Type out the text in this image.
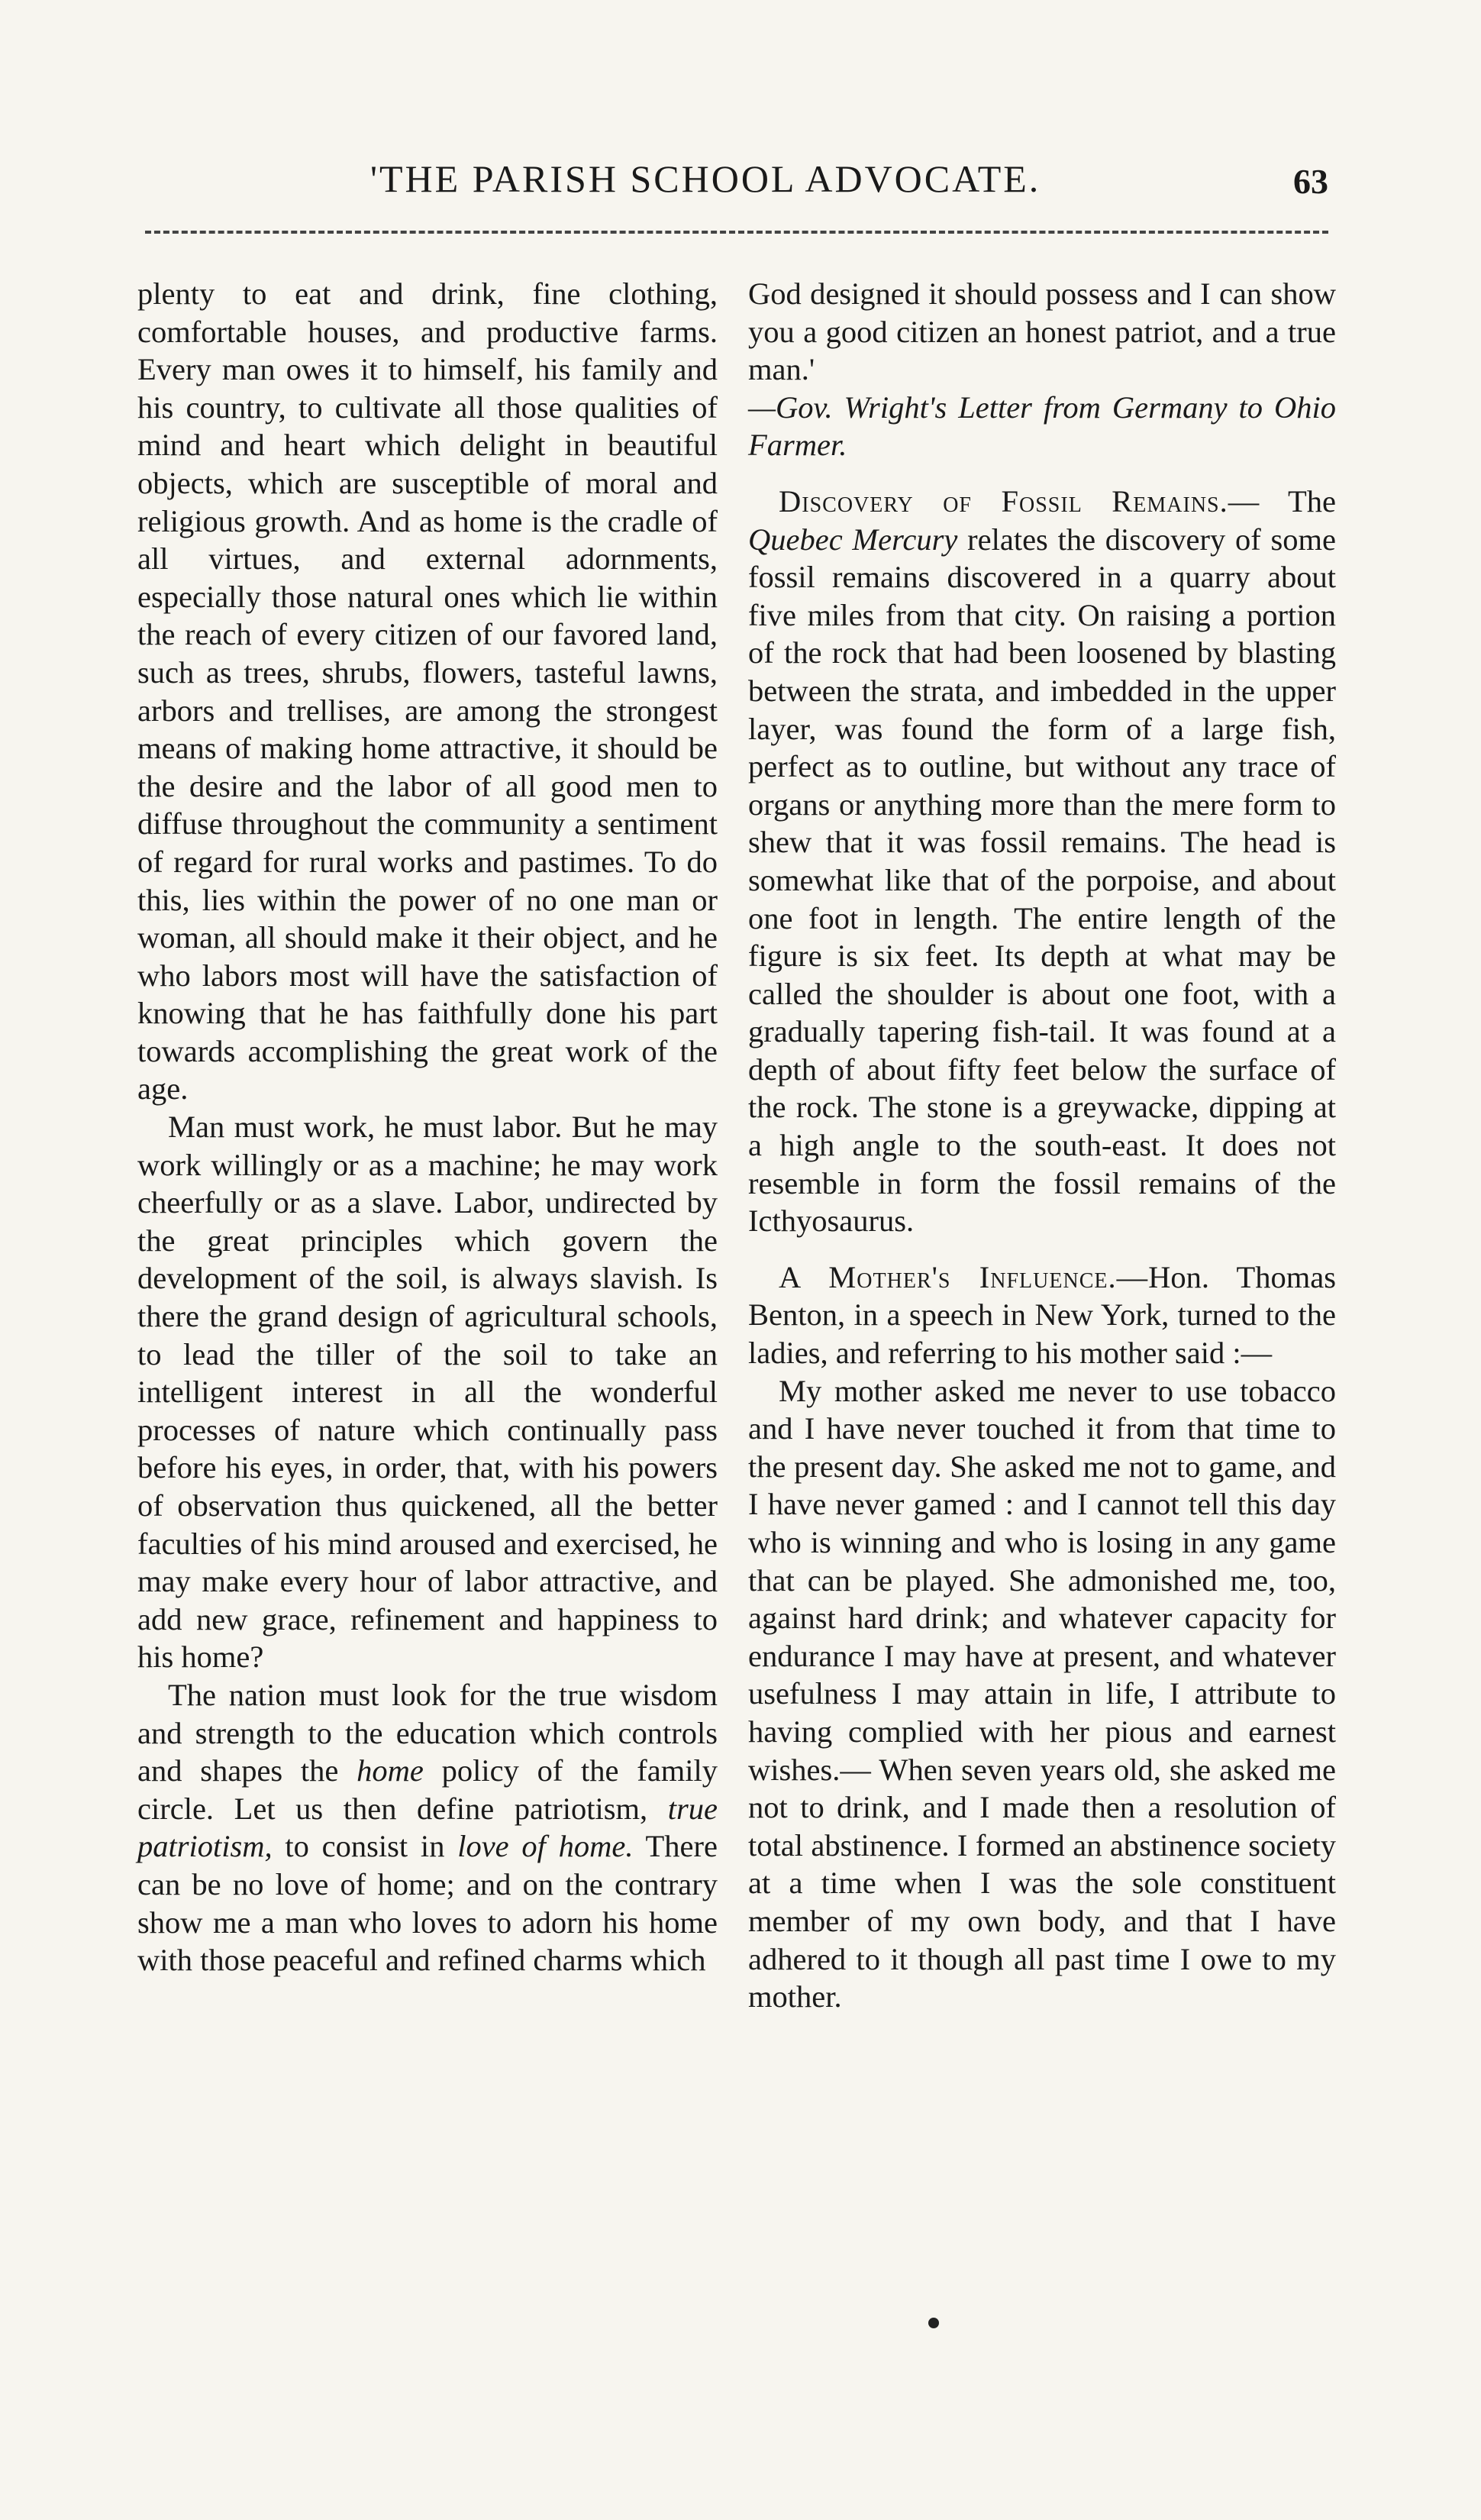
'THE PARISH SCHOOL ADVOCATE.	63

plenty to eat and drink, fine clothing, comfortable houses, and productive farms. Every man owes it to himself, his family and his country, to cultivate all those qualities of mind and heart which delight in beautiful objects, which are susceptible of moral and religious growth. And as home is the cradle of all virtues, and external adornments, especially those natural ones which lie within the reach of every citizen of our favored land, such as trees, shrubs, flowers, tasteful lawns, arbors and trellises, are among the strongest means of making home attractive, it should be the desire and the labor of all good men to diffuse throughout the community a sentiment of regard for rural works and pastimes. To do this, lies within the power of no one man or woman, all should make it their object, and he who labors most will have the satisfaction of knowing that he has faithfully done his part towards accomplishing the great work of the age.

Man must work, he must labor. But he may work willingly or as a machine; he may work cheerfully or as a slave. Labor, undirected by the great principles which govern the development of the soil, is always slavish. Is there the grand design of agricultural schools, to lead the tiller of the soil to take an intelligent interest in all the wonderful processes of nature which continually pass before his eyes, in order, that, with his powers of observation thus quickened, all the better faculties of his mind aroused and exercised, he may make every hour of labor attractive, and add new grace, refinement and happiness to his home?

The nation must look for the true wisdom and strength to the education which controls and shapes the home policy of the family circle. Let us then define patriotism, true patriotism, to consist in love of home. There can be no love of home; and on the contrary show me a man who loves to adorn his home with those peaceful and refined charms which

God designed it should possess and I can show you a good citizen an honest patriot, and a true man.'

—Gov. Wright's Letter from Germany to Ohio Farmer.

Discovery of Fossil Remains.— The Quebec Mercury relates the discovery of some fossil remains discovered in a quarry about five miles from that city. On raising a portion of the rock that had been loosened by blasting between the strata, and imbedded in the upper layer, was found the form of a large fish, perfect as to outline, but without any trace of organs or anything more than the mere form to shew that it was fossil remains. The head is somewhat like that of the porpoise, and about one foot in length. The entire length of the figure is six feet. Its depth at what may be called the shoulder is about one foot, with a gradually tapering fish-tail. It was found at a depth of about fifty feet below the surface of the rock. The stone is a greywacke, dipping at a high angle to the south-east. It does not resemble in form the fossil remains of the Icthyosaurus.

A Mother's Influence.—Hon. Thomas Benton, in a speech in New York, turned to the ladies, and referring to his mother said :—

My mother asked me never to use tobacco and I have never touched it from that time to the present day. She asked me not to game, and I have never gamed : and I cannot tell this day who is winning and who is losing in any game that can be played. She admonished me, too, against hard drink; and whatever capacity for endurance I may have at present, and whatever usefulness I may attain in life, I attribute to having complied with her pious and earnest wishes.— When seven years old, she asked me not to drink, and I made then a resolution of total abstinence. I formed an abstinence society at a time when I was the sole constituent member of my own body, and that I have adhered to it though all past time I owe to my mother.
